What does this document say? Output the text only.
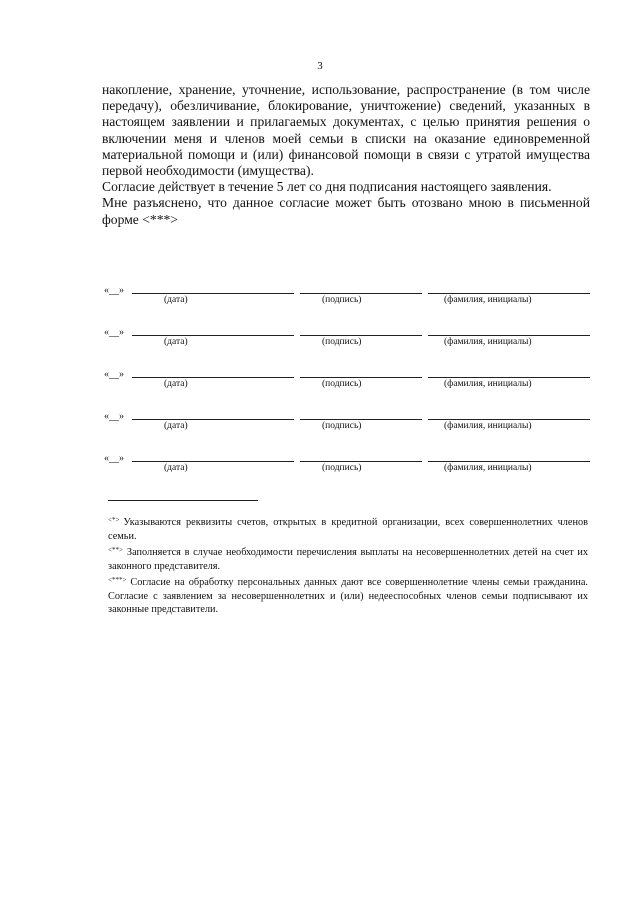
3

накопление, хранение, уточнение, использование, распространение (в том числе передачу), обезличивание, блокирование, уничтожение) сведений, указанных в настоящем заявлении и прилагаемых документах, с целью принятия решения о включении меня и членов моей семьи в списки на оказание единовременной материальной помощи и (или) финансовой помощи в связи с утратой имущества первой необходимости (имущества).

Согласие действует в течение 5 лет со дня подписания настоящего заявления.

Мне разъяснено, что данное согласие может быть отозвано мною в письменной форме <***>

«__»
(дата)	(подпись)	(фамилия, инициалы)
«__»
(дата)	(подпись)	(фамилия, инициалы)
«__»
(дата)	(подпись)	(фамилия, инициалы)
«__»
(дата)	(подпись)	(фамилия, инициалы)
«__»
(дата)	(подпись)	(фамилия, инициалы)

<*> Указываются реквизиты счетов, открытых в кредитной организации, всех совершеннолетних членов семьи.

<**> Заполняется в случае необходимости перечисления выплаты на несовершеннолетних детей на счет их законного представителя.

<***> Согласие на обработку персональных данных дают все совершеннолетние члены семьи гражданина. Согласие с заявлением за несовершеннолетних и (или) недееспособных членов семьи подписывают их законные представители.
